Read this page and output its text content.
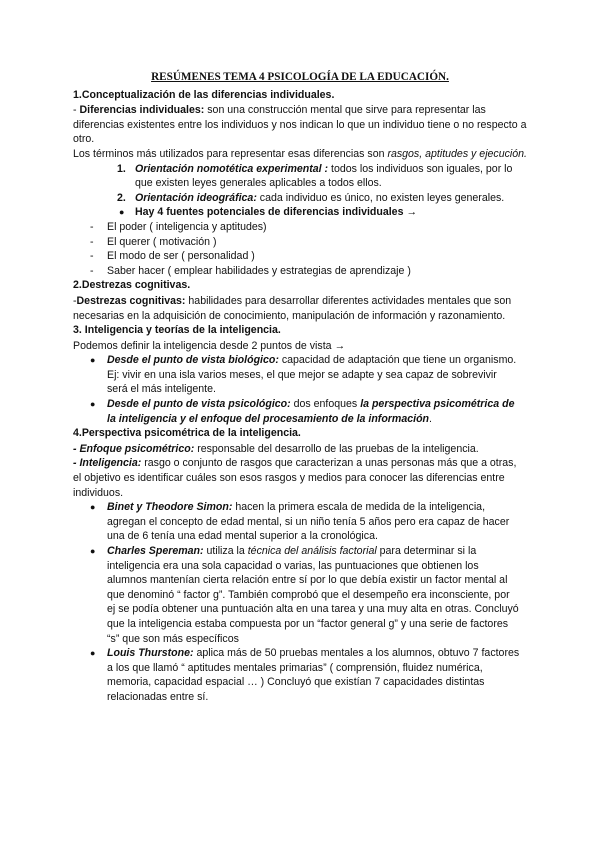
RESÚMENES TEMA 4 PSICOLOGÍA DE LA EDUCACIÓN.
1.Conceptualización de las diferencias individuales.
- Diferencias individuales: son una construcción mental que sirve para representar las diferencias existentes entre los individuos y nos indican lo que un individuo tiene o no respecto a otro.
Los términos más utilizados para representar esas diferencias son rasgos, aptitudes y ejecución.
1. Orientación nomotética experimental : todos los individuos son iguales, por lo que existen leyes generales aplicables a todos ellos.
2. Orientación ideográfica: cada individuo es único, no existen leyes generales.
● Hay 4 fuentes potenciales de diferencias individuales →
- El poder ( inteligencia y aptitudes)
- El querer ( motivación )
- El modo de ser ( personalidad )
- Saber hacer ( emplear habilidades y estrategias de aprendizaje )
2.Destrezas cognitivas.
-Destrezas cognitivas: habilidades para desarrollar diferentes actividades mentales que son necesarias en la adquisición de conocimiento, manipulación de información y razonamiento.
3. Inteligencia y teorías de la inteligencia.
Podemos definir la inteligencia desde 2 puntos de vista →
● Desde el punto de vista biológico: capacidad de adaptación que tiene un organismo. Ej: vivir en una isla varios meses, el que mejor se adapte y sea capaz de sobrevivir será el más inteligente.
● Desde el punto de vista psicológico: dos enfoques la perspectiva psicométrica de la inteligencia y el enfoque del procesamiento de la información.
4.Perspectiva psicométrica de la inteligencia.
- Enfoque psicométrico: responsable del desarrollo de las pruebas de la inteligencia.
- Inteligencia: rasgo o conjunto de rasgos que caracterizan a unas personas más que a otras, el objetivo es identificar cuáles son esos rasgos y medios para conocer las diferencias entre individuos.
● Binet y Theodore Simon: hacen la primera escala de medida de la inteligencia, agregan el concepto de edad mental, si un niño tenía 5 años pero era capaz de hacer una de 6 tenía una edad mental superior a la cronológica.
● Charles Spereman: utiliza la técnica del análisis factorial para determinar si la inteligencia era una sola capacidad o varias, las puntuaciones que obtienen los alumnos mantenían cierta relación entre sí por lo que debía existir un factor mental al que denominó “ factor g”. También comprobó que el desempeño era inconsciente, por ej se podía obtener una puntuación alta en una tarea y una muy alta en otras. Concluyó que la inteligencia estaba compuesta por un “factor general g” y una serie de factores “s” que son más específicos
● Louis Thurstone: aplica más de 50 pruebas mentales a los alumnos, obtuvo 7 factores a los que llamó “ aptitudes mentales primarias” ( comprensión, fluidez numérica, memoria, capacidad espacial … ) Concluyó que existían 7 capacidades distintas relacionadas entre sí.
